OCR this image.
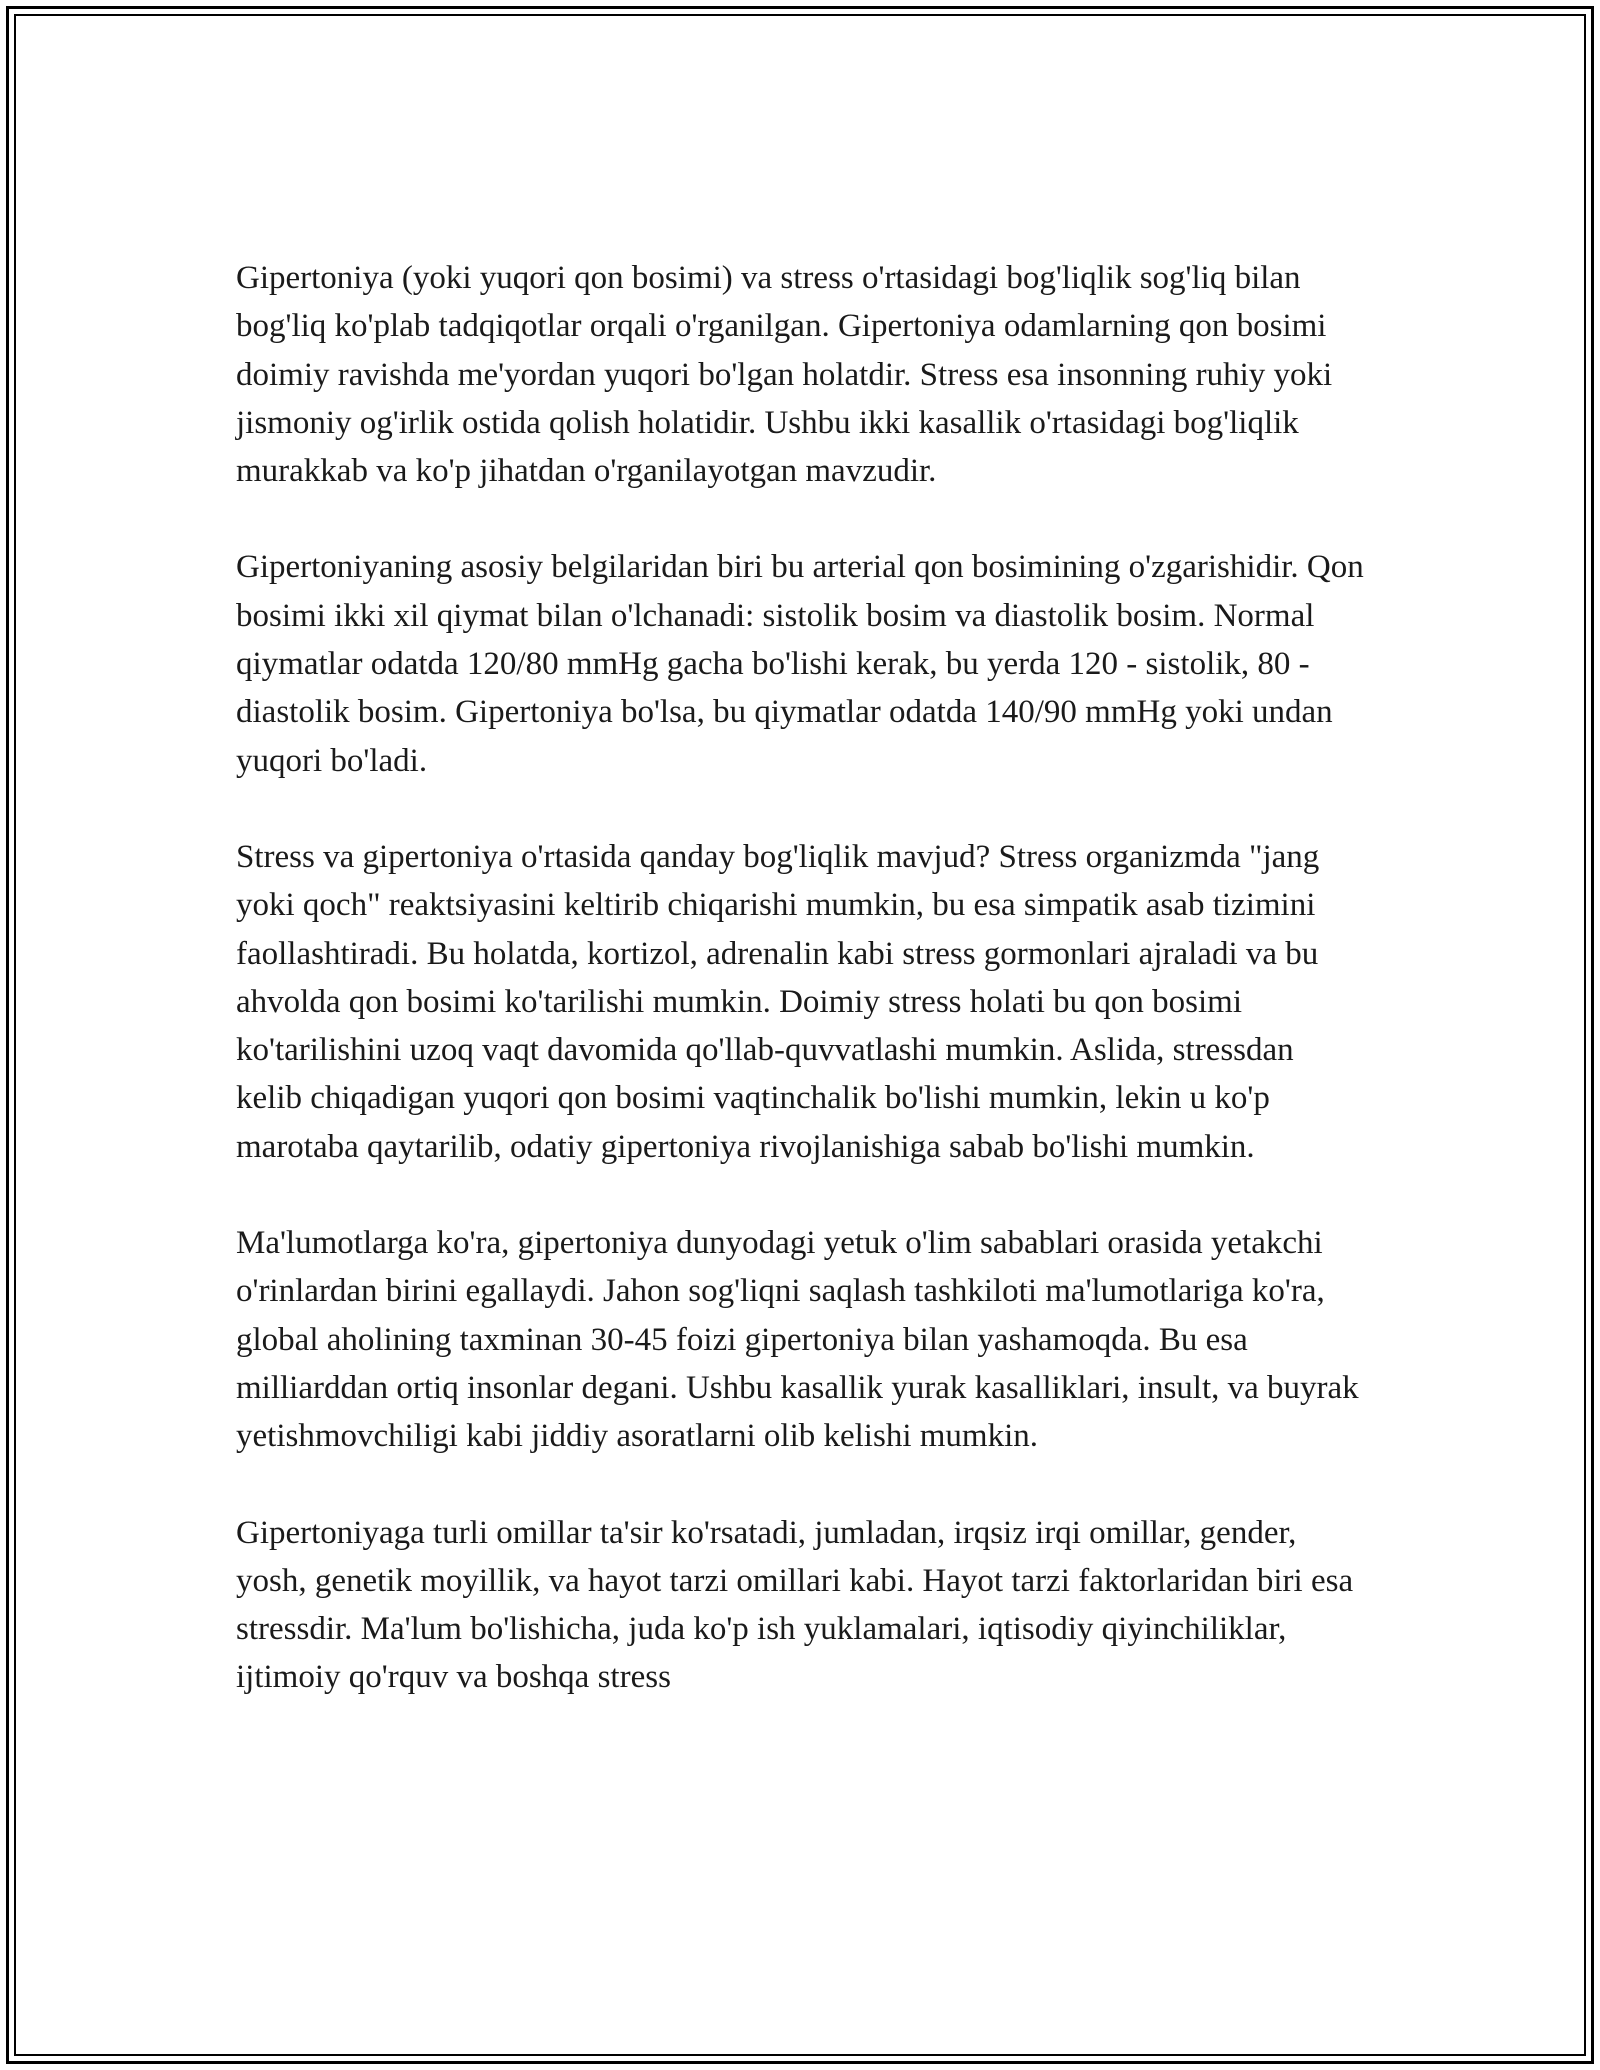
Gipertoniya (yoki yuqori qon bosimi) va stress o'rtasidagi bog'liqlik sog'liq bilan bog'liq ko'plab tadqiqotlar orqali o'rganilgan. Gipertoniya odamlarning qon bosimi doimiy ravishda me'yordan yuqori bo'lgan holatdir. Stress esa insonning ruhiy yoki jismoniy og'irlik ostida qolish holatidir. Ushbu ikki kasallik o'rtasidagi bog'liqlik murakkab va ko'p jihatdan o'rganilayotgan mavzudir.

Gipertoniyaning asosiy belgilaridan biri bu arterial qon bosimining o'zgarishidir. Qon bosimi ikki xil qiymat bilan o'lchanadi: sistolik bosim va diastolik bosim. Normal qiymatlar odatda 120/80 mmHg gacha bo'lishi kerak, bu yerda 120 - sistolik, 80 - diastolik bosim. Gipertoniya bo'lsa, bu qiymatlar odatda 140/90 mmHg yoki undan yuqori bo'ladi.

Stress va gipertoniya o'rtasida qanday bog'liqlik mavjud? Stress organizmda "jang yoki qoch" reaktsiyasini keltirib chiqarishi mumkin, bu esa simpatik asab tizimini faollashtiradi. Bu holatda, kortizol, adrenalin kabi stress gormonlari ajraladi va bu ahvolda qon bosimi ko'tarilishi mumkin. Doimiy stress holati bu qon bosimi ko'tarilishini uzoq vaqt davomida qo'llab-quvvatlashi mumkin. Aslida, stressdan kelib chiqadigan yuqori qon bosimi vaqtinchalik bo'lishi mumkin, lekin u ko'p marotaba qaytarilib, odatiy gipertoniya rivojlanishiga sabab bo'lishi mumkin.

Ma'lumotlarga ko'ra, gipertoniya dunyodagi yetuk o'lim sabablari orasida yetakchi o'rinlardan birini egallaydi. Jahon sog'liqni saqlash tashkiloti ma'lumotlariga ko'ra, global aholining taxminan 30-45 foizi gipertoniya bilan yashamoqda. Bu esa milliarddan ortiq insonlar degani. Ushbu kasallik yurak kasalliklari, insult, va buyrak yetishmovchiligi kabi jiddiy asoratlarni olib kelishi mumkin.

Gipertoniyaga turli omillar ta'sir ko'rsatadi, jumladan, irqsiz irqi omillar, gender, yosh, genetik moyillik, va hayot tarzi omillari kabi. Hayot tarzi faktorlaridan biri esa stressdir. Ma'lum bo'lishicha, juda ko'p ish yuklamalari, iqtisodiy qiyinchiliklar, ijtimoiy qo'rquv va boshqa stress
